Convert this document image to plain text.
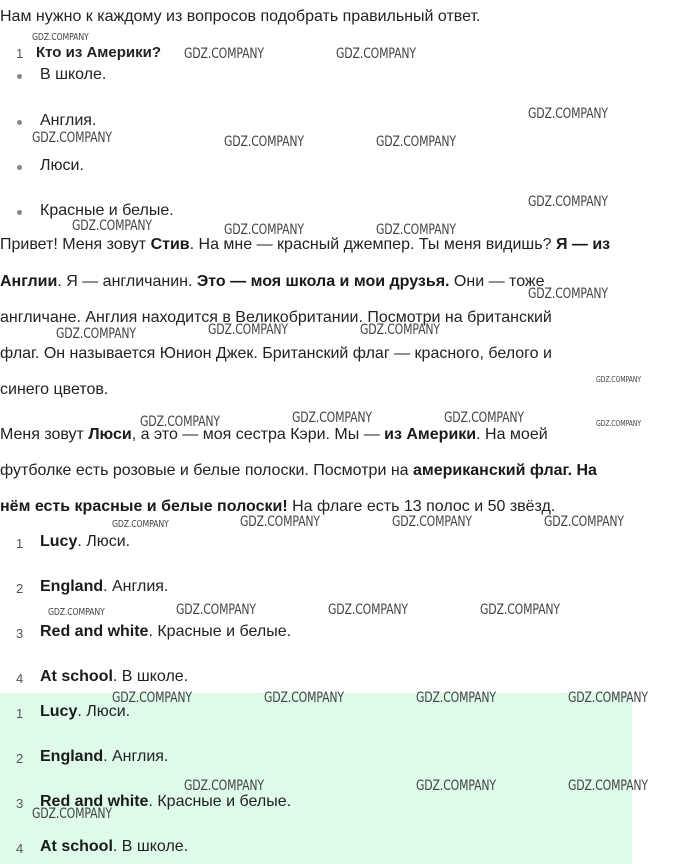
Нам нужно к каждому из вопросов подобрать правильный ответ.
1 Кто из Америки?
В школе.
Англия.
Люси.
Красные и белые.
Привет! Меня зовут Стив. На мне — красный джемпер. Ты меня видишь? Я — из
Англии. Я — англичанин. Это — моя школа и мои друзья. Они — тоже
англичане. Англия находится в Великобритании. Посмотри на британский
флаг. Он называется Юнион Джек. Британский флаг — красного, белого и
синего цветов.
Меня зовут Люси, а это — моя сестра Кэри. Мы — из Америки. На моей
футболке есть розовые и белые полоски. Посмотри на американский флаг. На
нём есть красные и белые полоски! На флаге есть 13 полос и 50 звёзд.
1 Lucy. Люси.
2 England. Англия.
3 Red and white. Красные и белые.
4 At school. В школе.
1 Lucy. Люси.
2 England. Англия.
3 Red and white. Красные и белые.
4 At school. В школе.
GDZ.COMPANY
GDZ.COMPANY	GDZ.COMPANY
GDZ.COMPANY
GDZ.COMPANY	GDZ.COMPANY	GDZ.COMPANY
GDZ.COMPANY
GDZ.COMPANY	GDZ.COMPANY	GDZ.COMPANY
GDZ.COMPANY
GDZ.COMPANY	GDZ.COMPANY	GDZ.COMPANY
GDZ.COMPANY
GDZ.COMPANY	GDZ.COMPANY	GDZ.COMPANY	GDZ.COMPANY
GDZ.COMPANY	GDZ.COMPANY	GDZ.COMPANY	GDZ.COMPANY
GDZ.COMPANY	GDZ.COMPANY	GDZ.COMPANY	GDZ.COMPANY
GDZ.COMPANY	GDZ.COMPANY	GDZ.COMPANY	GDZ.COMPANY
GDZ.COMPANY	GDZ.COMPANY	GDZ.COMPANY
GDZ.COMPANY
